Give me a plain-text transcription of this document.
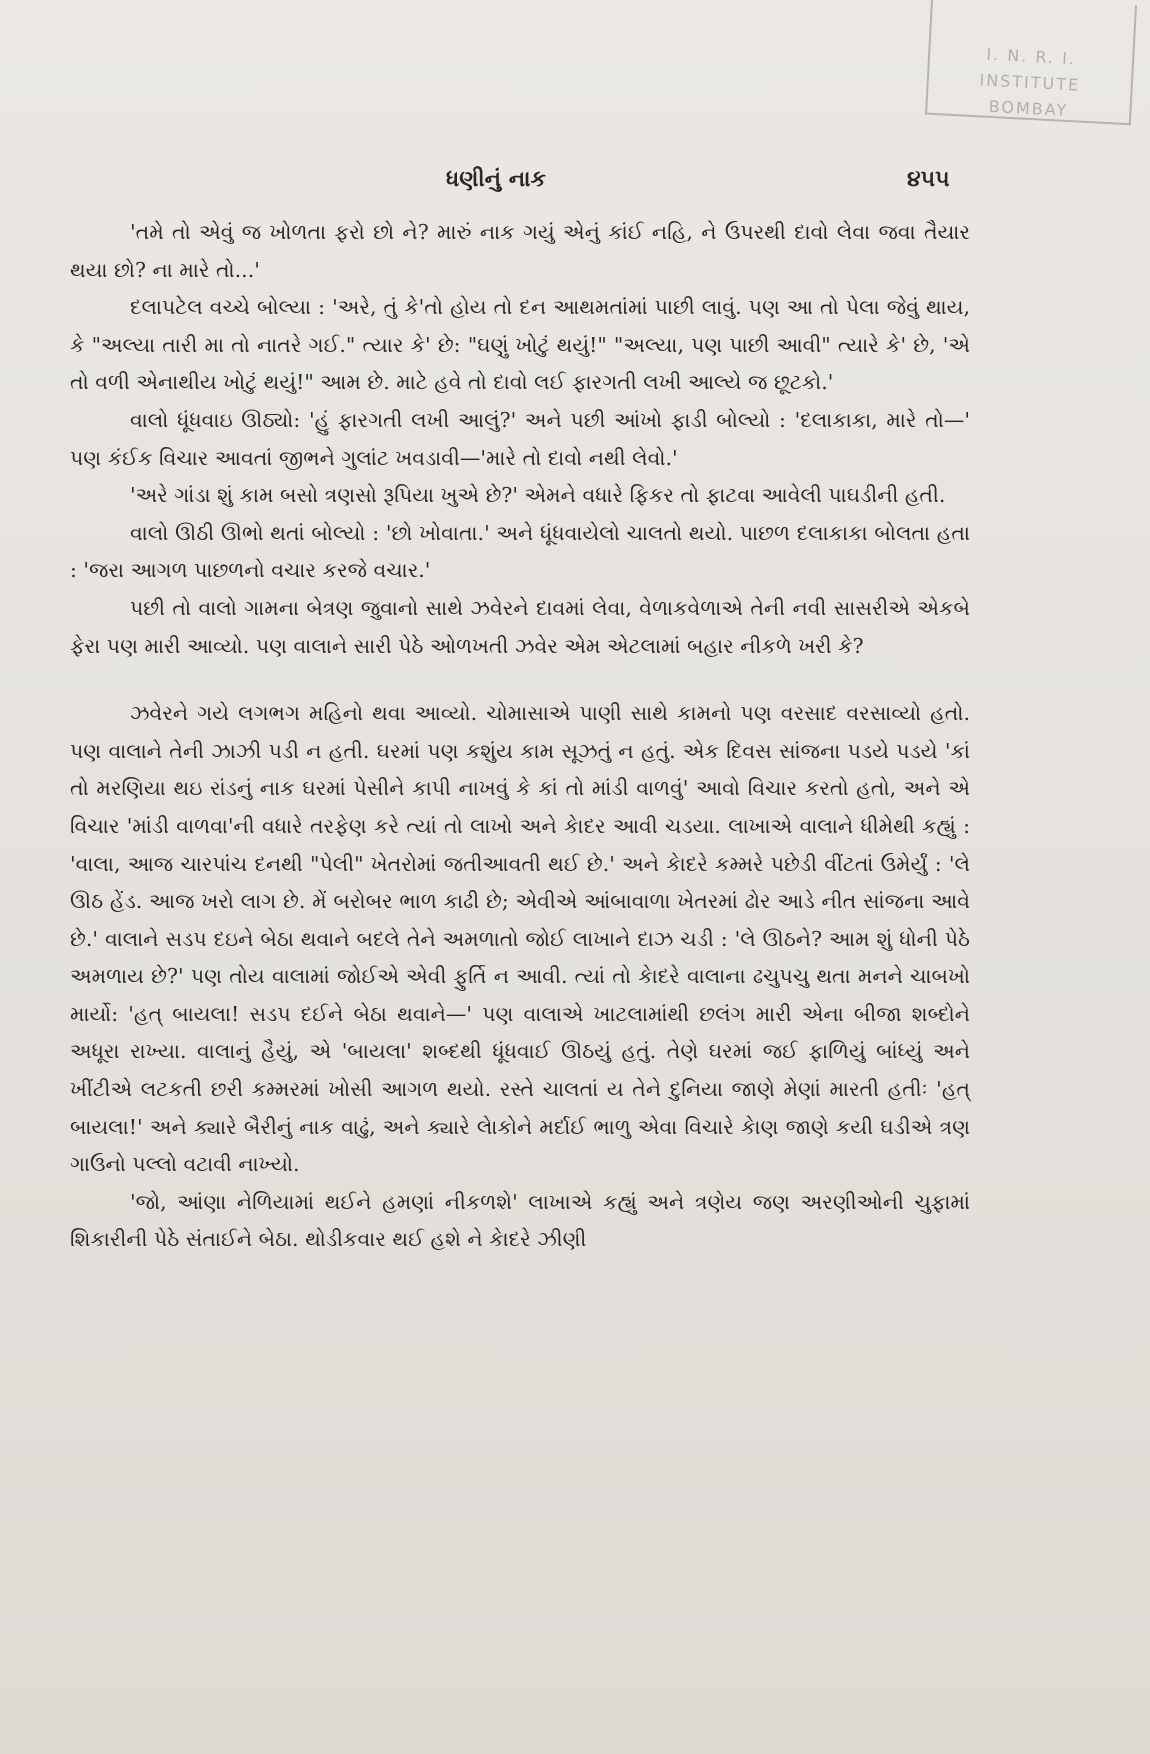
I. N. R. I.
INSTITUTE
BOMBAY
ધણીનું નાક	૪૫૫

'તમે તો એવું જ ખોળતા ફરો છો ને? મારું નાક ગયું એનું કાંઈ નહિ, ને ઉપરથી દાવો લેવા જવા તૈયાર થયા છો? ના મારે તો...'

દલાપટેલ વચ્ચે બોલ્યા : 'અરે, તું કે'તો હોય તો દન આથમતાંમાં પાછી લાવું. પણ આ તો પેલા જેવું થાય, કે "અલ્યા તારી મા તો નાતરે ગઈ." ત્યાર કે' છે: "ઘણું ખોટું થયું!" "અલ્યા, પણ પાછી આવી" ત્યારે કે' છે, 'એ તો વળી એનાથીય ખોટું થયું!" આમ છે. માટે હવે તો દાવો લઈ ફારગતી લખી આલ્યે જ છૂટકો.'

વાલો ધૂંધવાઇ ઊઠ્યો: 'હું ફારગતી લખી આલું?' અને પછી આંખો ફાડી બોલ્યો : 'દલાકાકા, મારે તો—' પણ કંઈક વિચાર આવતાં જીભને ગુલાંટ ખવડાવી—'મારે તો દાવો નથી લેવો.'

'અરે ગાંડા શું કામ બસો ત્રણસો રૂપિયા ખુએ છે?' એમને વધારે ફિકર તો ફાટવા આવેલી પાઘડીની હતી.

વાલો ઊઠી ઊભો થતાં બોલ્યો : 'છો ખોવાતા.' અને ધૂંધવાયેલો ચાલતો થયો. પાછળ દલાકાકા બોલતા હતા : 'જરા આગળ પાછળનો વચાર કરજે વચાર.'

પછી તો વાલો ગામના બેત્રણ જુવાનો સાથે ઝવેરને દાવમાં લેવા, વેળાકવેળાએ તેની નવી સાસરીએ એકબે ફેરા પણ મારી આવ્યો. પણ વાલાને સારી પેઠે ઓળખતી ઝવેર એમ એટલામાં બહાર નીકળે ખરી કે?

ઝવેરને ગયે લગભગ મહિનો થવા આવ્યો. ચોમાસાએ પાણી સાથે કામનો પણ વરસાદ વરસાવ્યો હતો. પણ વાલાને તેની ઝાઝી પડી ન હતી. ઘરમાં પણ કશુંય કામ સૂઝતું ન હતું. એક દિવસ સાંજના પડયે પડયે 'કાં તો મરણિયા થઇ રાંડનું નાક ઘરમાં પેસીને કાપી નાખવું કે કાં તો માંડી વાળવું' આવો વિચાર કરતો હતો, અને એ વિચાર 'માંડી વાળવા'ની વધારે તરફેણ કરે ત્યાં તો લાખો અને કેાદર આવી ચડયા. લાખાએ વાલાને ધીમેથી કહ્યું : 'વાલા, આજ ચારપાંચ દનથી "પેલી" ખેતરોમાં જતીઆવતી થઈ છે.' અને કેાદરે કમ્મરે પછેડી વીંટતાં ઉમેર્યું : 'લે ઊઠ હેંડ. આજ ખરો લાગ છે. મેં બરોબર ભાળ કાઢી છે; એવીએ આંબાવાળા ખેતરમાં ઢોર આડે નીત સાંજના આવે છે.' વાલાને સડપ દઇને બેઠા થવાને બદલે તેને અમળાતો જોઈ લાખાને દાઝ ચડી : 'લે ઊઠને? આમ શું ધોની પેઠે અમળાય છે?' પણ તોય વાલામાં જોઈએ એવી ફુર્તિ ન આવી. ત્યાં તો કેાદરે વાલાના ઢચુપચુ થતા મનને ચાબખો માર્યો: 'હત્ બાયલા! સડપ દઈને બેઠા થવાને—' પણ વાલાએ ખાટલામાંથી છલંગ મારી એના બીજા શબ્દોને અધૂરા રાખ્યા. વાલાનું હૈયું, એ 'બાયલા' શબ્દથી ધૂંધવાઈ ઊઠયું હતું. તેણે ઘરમાં જઈ ફાળિયું બાંધ્યું અને ખીંટીએ લટકતી છરી કમ્મરમાં ખોસી આગળ થયો. રસ્તે ચાલતાં ય તેને દુનિયા જાણે મેણાં મારતી હતીઃ 'હત્ બાયલા!' અને ક્યારે બૈરીનું નાક વાઢું, અને ક્યારે લેાકોને મર્દાઈ ભાળુ એવા વિચારે કેાણ જાણે કયી ઘડીએ ત્રણ ગાઉનો પલ્લો વટાવી નાખ્યો.

'જો, આંણા નેળિયામાં થઈને હમણાં નીકળશે' લાખાએ કહ્યું અને ત્રણેય જણ અરણીઓની ચુફામાં શિકારીની પેઠે સંતાઈને બેઠા. થોડીકવાર થઈ હશે ને કેાદરે ઝીણી
